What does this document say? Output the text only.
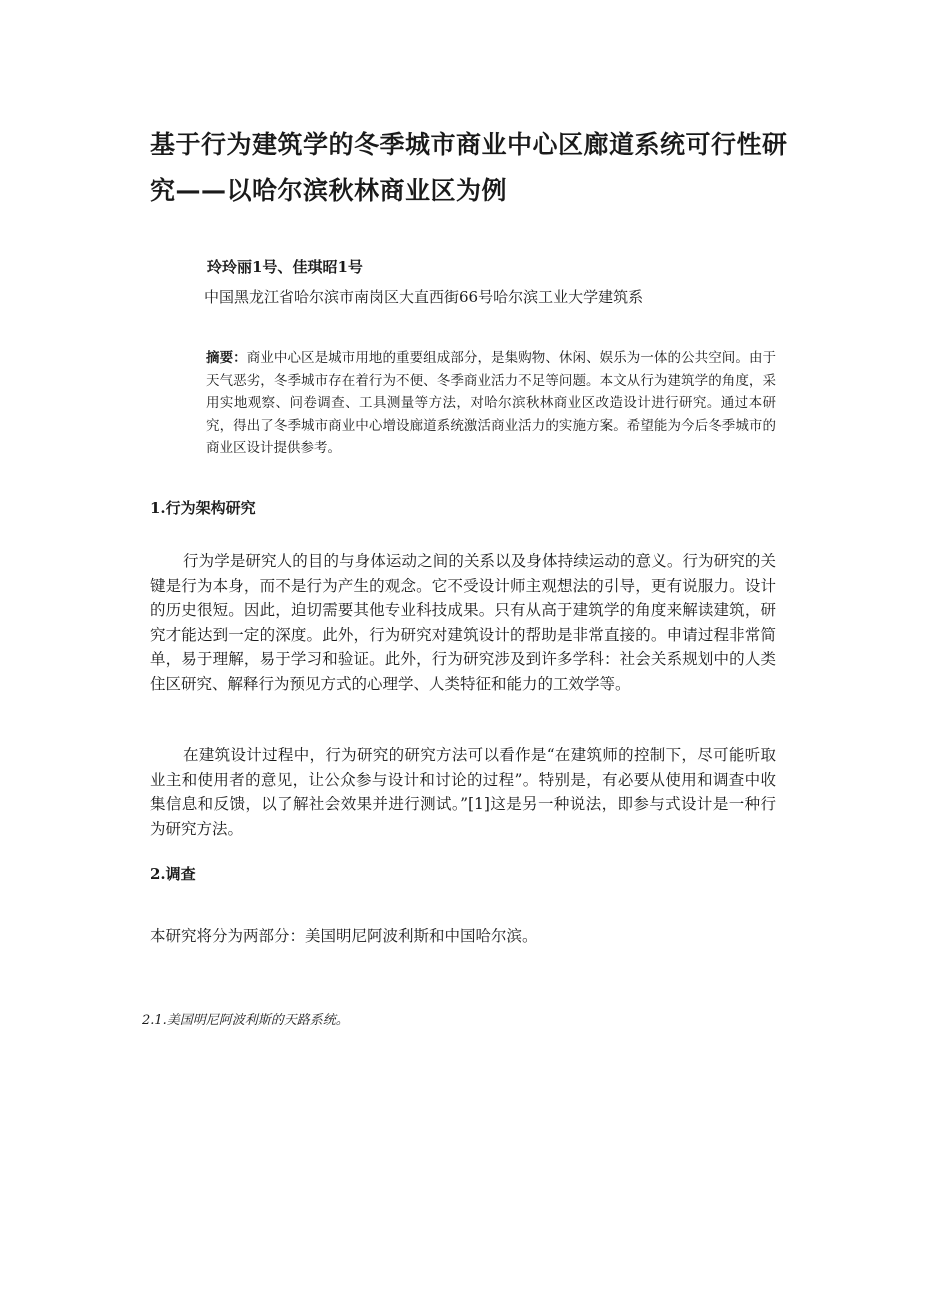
基于行为建筑学的冬季城市商业中心区廊道系统可行性研究——以哈尔滨秋林商业区为例

玲玲丽1号、佳琪昭1号

中国黑龙江省哈尔滨市南岗区大直西街66号哈尔滨工业大学建筑系

摘要：商业中心区是城市用地的重要组成部分，是集购物、休闲、娱乐为一体的公共空间。由于天气恶劣，冬季城市存在着行为不便、冬季商业活力不足等问题。本文从行为建筑学的角度，采用实地观察、问卷调查、工具测量等方法，对哈尔滨秋林商业区改造设计进行研究。通过本研究，得出了冬季城市商业中心增设廊道系统激活商业活力的实施方案。希望能为今后冬季城市的商业区设计提供参考。

1.行为架构研究

行为学是研究人的目的与身体运动之间的关系以及身体持续运动的意义。行为研究的关键是行为本身，而不是行为产生的观念。它不受设计师主观想法的引导，更有说服力。设计的历史很短。因此，迫切需要其他专业科技成果。只有从高于建筑学的角度来解读建筑，研究才能达到一定的深度。此外，行为研究对建筑设计的帮助是非常直接的。申请过程非常简单，易于理解，易于学习和验证。此外，行为研究涉及到许多学科：社会关系规划中的人类住区研究、解释行为预见方式的心理学、人类特征和能力的工效学等。

在建筑设计过程中，行为研究的研究方法可以看作是“在建筑师的控制下，尽可能听取业主和使用者的意见，让公众参与设计和讨论的过程”。特别是，有必要从使用和调查中收集信息和反馈，以了解社会效果并进行测试。”[1]这是另一种说法，即参与式设计是一种行为研究方法。

2.调查

本研究将分为两部分：美国明尼阿波利斯和中国哈尔滨。

2.1.美国明尼阿波利斯的天路系统。
